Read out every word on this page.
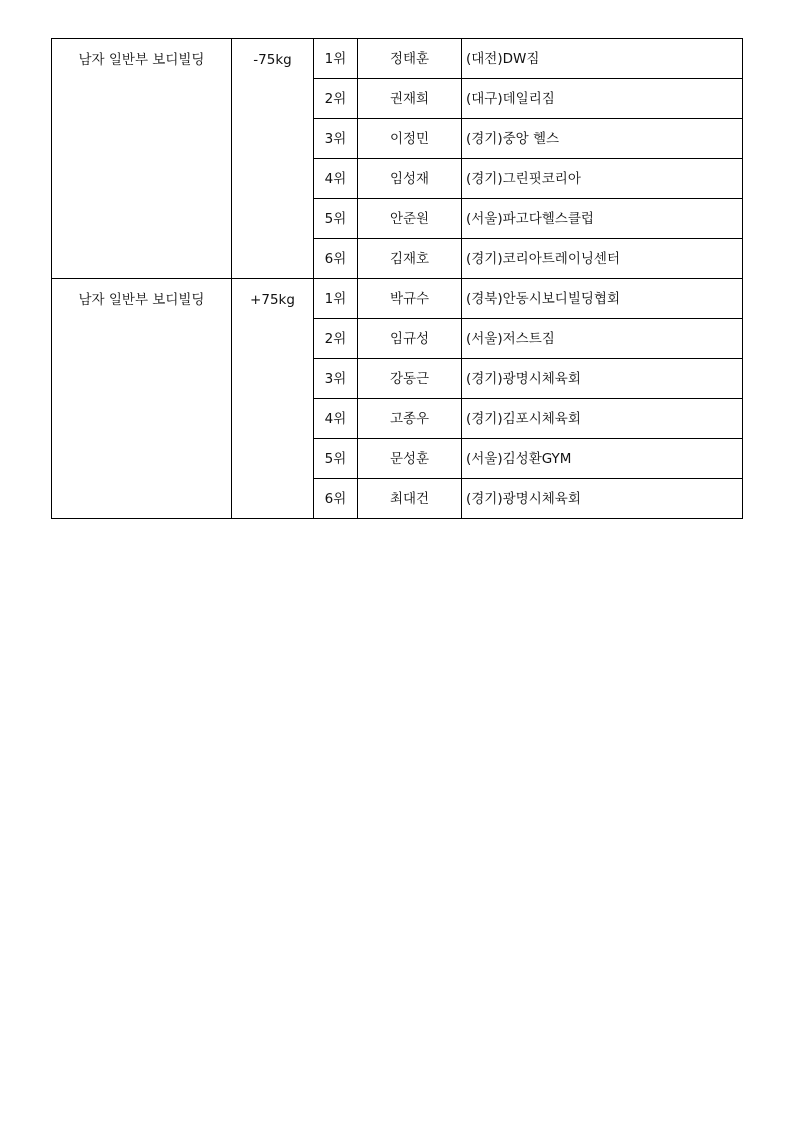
남자 일반부 보디빌딩	-75kg	1위	정태훈	(대전)DW짐
		2위	권재희	(대구)데일리짐
		3위	이정민	(경기)중앙 헬스
		4위	임성재	(경기)그린핏코리아
		5위	안준원	(서울)파고다헬스클럽
		6위	김재호	(경기)코리아트레이닝센터
남자 일반부 보디빌딩	+75kg	1위	박규수	(경북)안동시보디빌딩협회
		2위	임규성	(서울)저스트짐
		3위	강동근	(경기)광명시체육회
		4위	고종우	(경기)김포시체육회
		5위	문성훈	(서울)김성환GYM
		6위	최대건	(경기)광명시체육회
